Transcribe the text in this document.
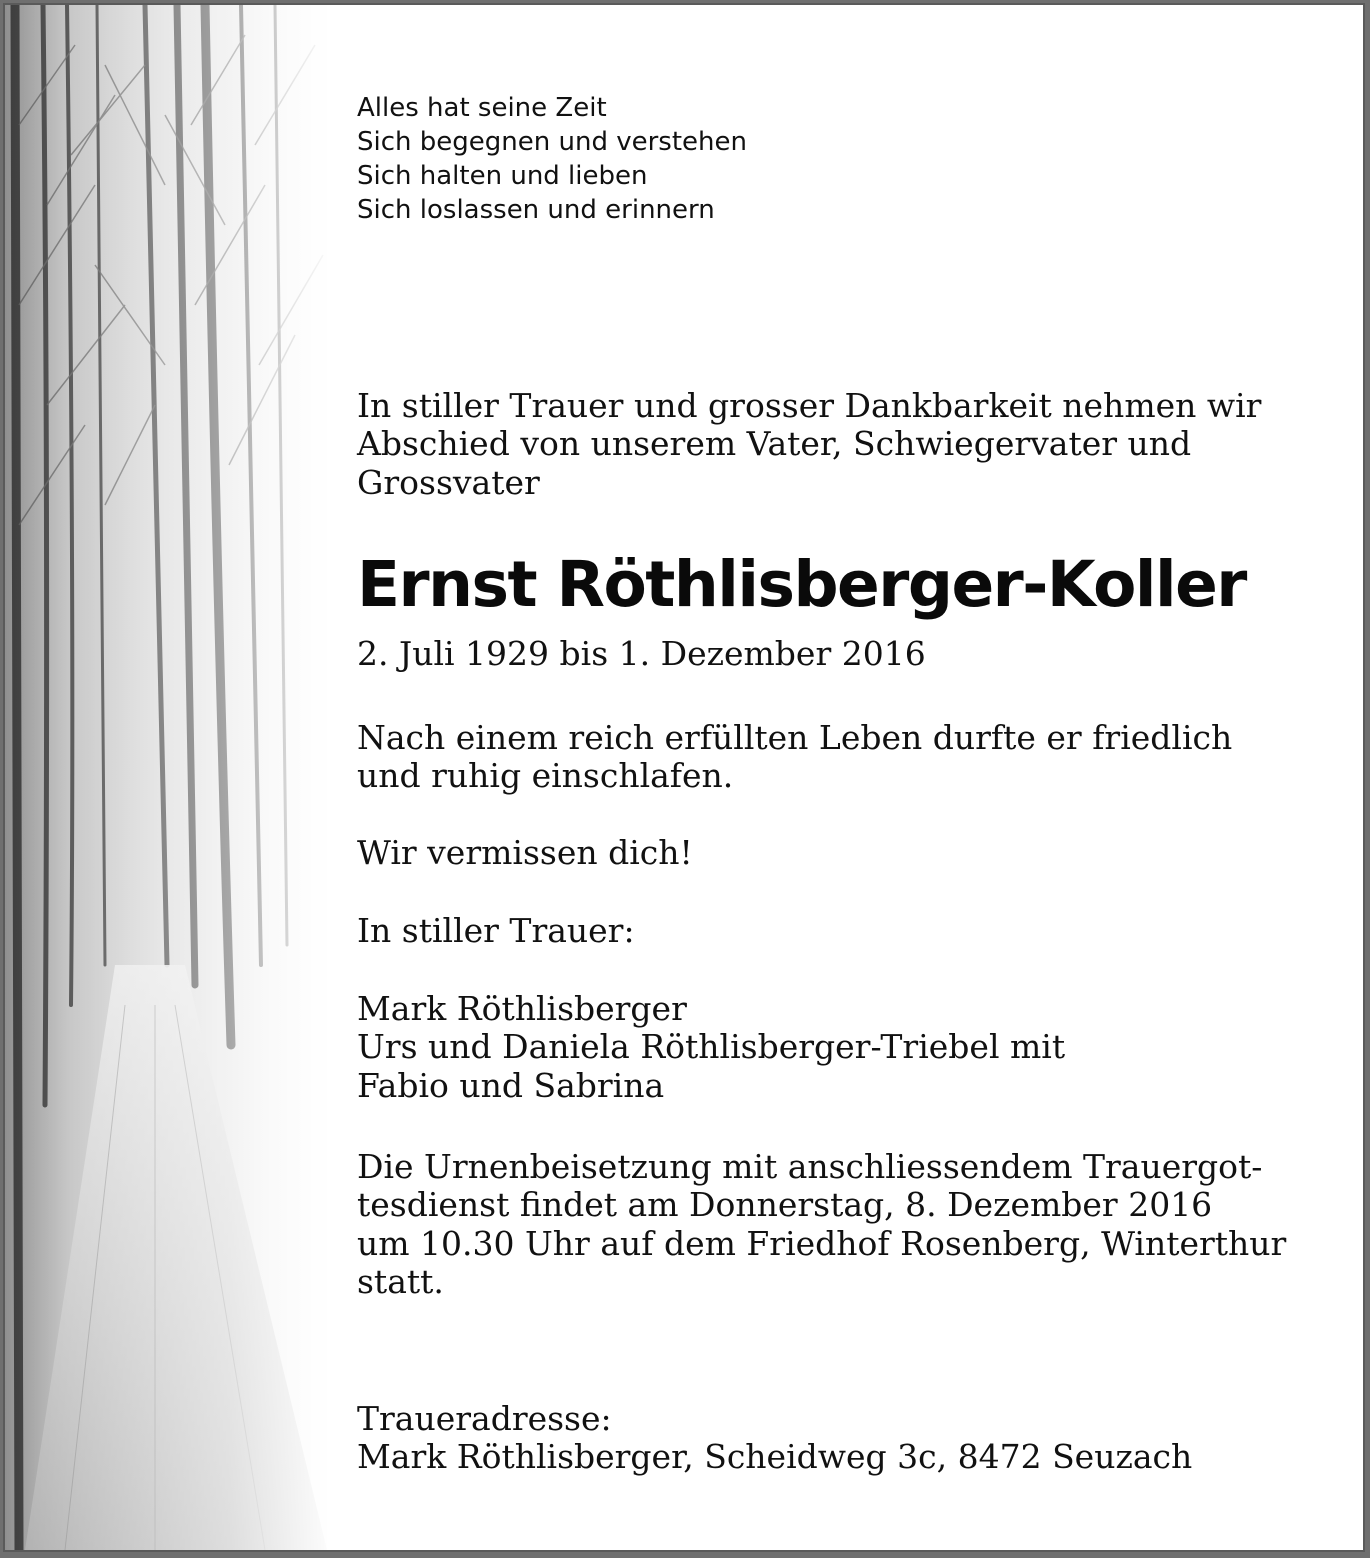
Alles hat seine Zeit
Sich begegnen und verstehen
Sich halten und lieben
Sich loslassen und erinnern
In stiller Trauer und grosser Dankbarkeit nehmen wir
Abschied von unserem Vater, Schwiegervater und
Grossvater
Ernst Röthlisberger-Koller
2. Juli 1929 bis 1. Dezember 2016
Nach einem reich erfüllten Leben durfte er friedlich
und ruhig einschlafen.
Wir vermissen dich!
In stiller Trauer:
Mark Röthlisberger
Urs und Daniela Röthlisberger-Triebel mit
Fabio und Sabrina
Die Urnenbeisetzung mit anschliessendem Trauergot-
tesdienst findet am Donnerstag, 8. Dezember 2016
um 10.30 Uhr auf dem Friedhof Rosenberg, Winterthur
statt.
Traueradresse:
Mark Röthlisberger, Scheidweg 3c, 8472 Seuzach
